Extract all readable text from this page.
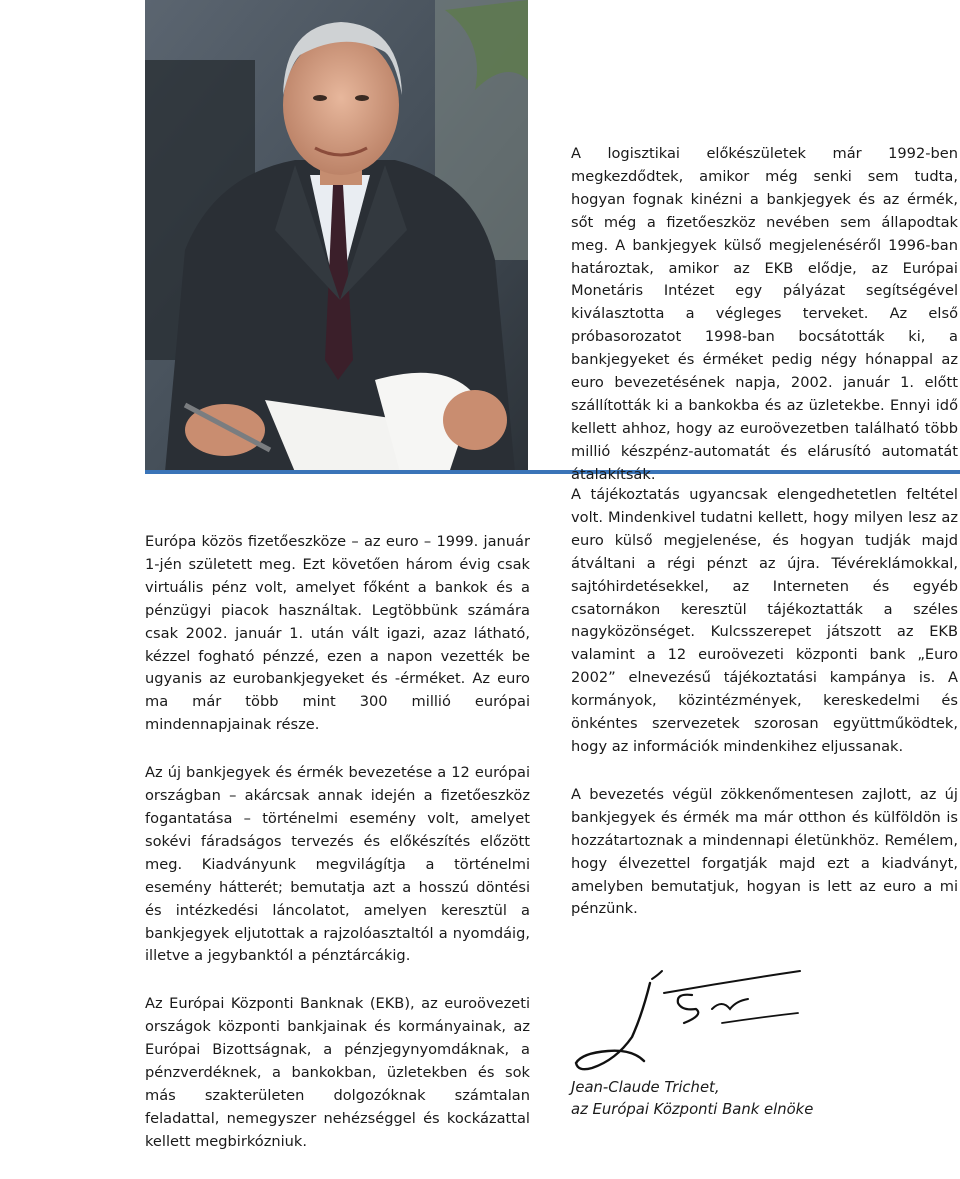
A logisztikai előkészületek már 1992-ben megkezdődtek, amikor még senki sem tudta, hogyan fognak kinézni a bankjegyek és az érmék, sőt még a fizetőeszköz nevében sem állapodtak meg. A bankjegyek külső megjelenéséről 1996-ban határoztak, amikor az EKB elődje, az Európai Monetáris Intézet egy pályázat segítségével kiválasztotta a végleges terveket. Az első próbasorozatot 1998-ban bocsátották ki, a bankjegyeket és érméket pedig négy hónappal az euro bevezetésének napja, 2002. január 1. előtt szállították ki a bankokba és az üzletekbe. Ennyi idő kellett ahhoz, hogy az euroövezetben található több millió készpénz-automatát és elárusító automatát átalakítsák.

A tájékoztatás ugyancsak elengedhetetlen feltétel volt. Mindenkivel tudatni kellett, hogy milyen lesz az euro külső megjelenése, és hogyan tudják majd átváltani a régi pénzt az újra. Tévéreklámokkal, sajtóhirdetésekkel, az Interneten és egyéb csatornákon keresztül tájékoztatták a széles nagyközönséget. Kulcsszerepet játszott az EKB valamint a 12 euroövezeti központi bank „Euro 2002” elnevezésű tájékoztatási kampánya is. A kormányok, közintézmények, kereskedelmi és önkéntes szervezetek szorosan együttműködtek, hogy az információk mindenkihez eljussanak.

A bevezetés végül zökkenőmentesen zajlott, az új bankjegyek és érmék ma már otthon és külföldön is hozzátartoznak a mindennapi életünkhöz. Remélem, hogy élvezettel forgatják majd ezt a kiadványt, amelyben bemutatjuk, hogyan is lett az euro a mi pénzünk.

Európa közös fizetőeszköze – az euro – 1999. január 1-jén született meg. Ezt követően három évig csak virtuális pénz volt, amelyet főként a bankok és a pénzügyi piacok használtak. Legtöbbünk számára csak 2002. január 1. után vált igazi, azaz látható, kézzel fogható pénzzé, ezen a napon vezették be ugyanis az eurobankjegyeket és -érméket. Az euro ma már több mint 300 millió európai mindennapjainak része.

Az új bankjegyek és érmék bevezetése a 12 európai országban – akárcsak annak idején a fizetőeszköz fogantatása – történelmi esemény volt, amelyet sokévi fáradságos tervezés és előkészítés előzött meg. Kiadványunk megvilágítja a történelmi esemény hátterét; bemutatja azt a hosszú döntési és intézkedési láncolatot, amelyen keresztül a bankjegyek eljutottak a rajzolóasztaltól a nyomdáig, illetve a jegybanktól a pénztárcákig.

Az Európai Központi Banknak (EKB), az euroövezeti országok központi bankjainak és kormányainak, az Európai Bizottságnak, a pénzjegynyomdáknak, a pénzverdéknek, a bankokban, üzletekben és sok más szakterületen dolgozóknak számtalan feladattal, nemegyszer nehézséggel és kockázattal kellett megbirkózniuk.

Jean-Claude Trichet,
az Európai Központi Bank elnöke
